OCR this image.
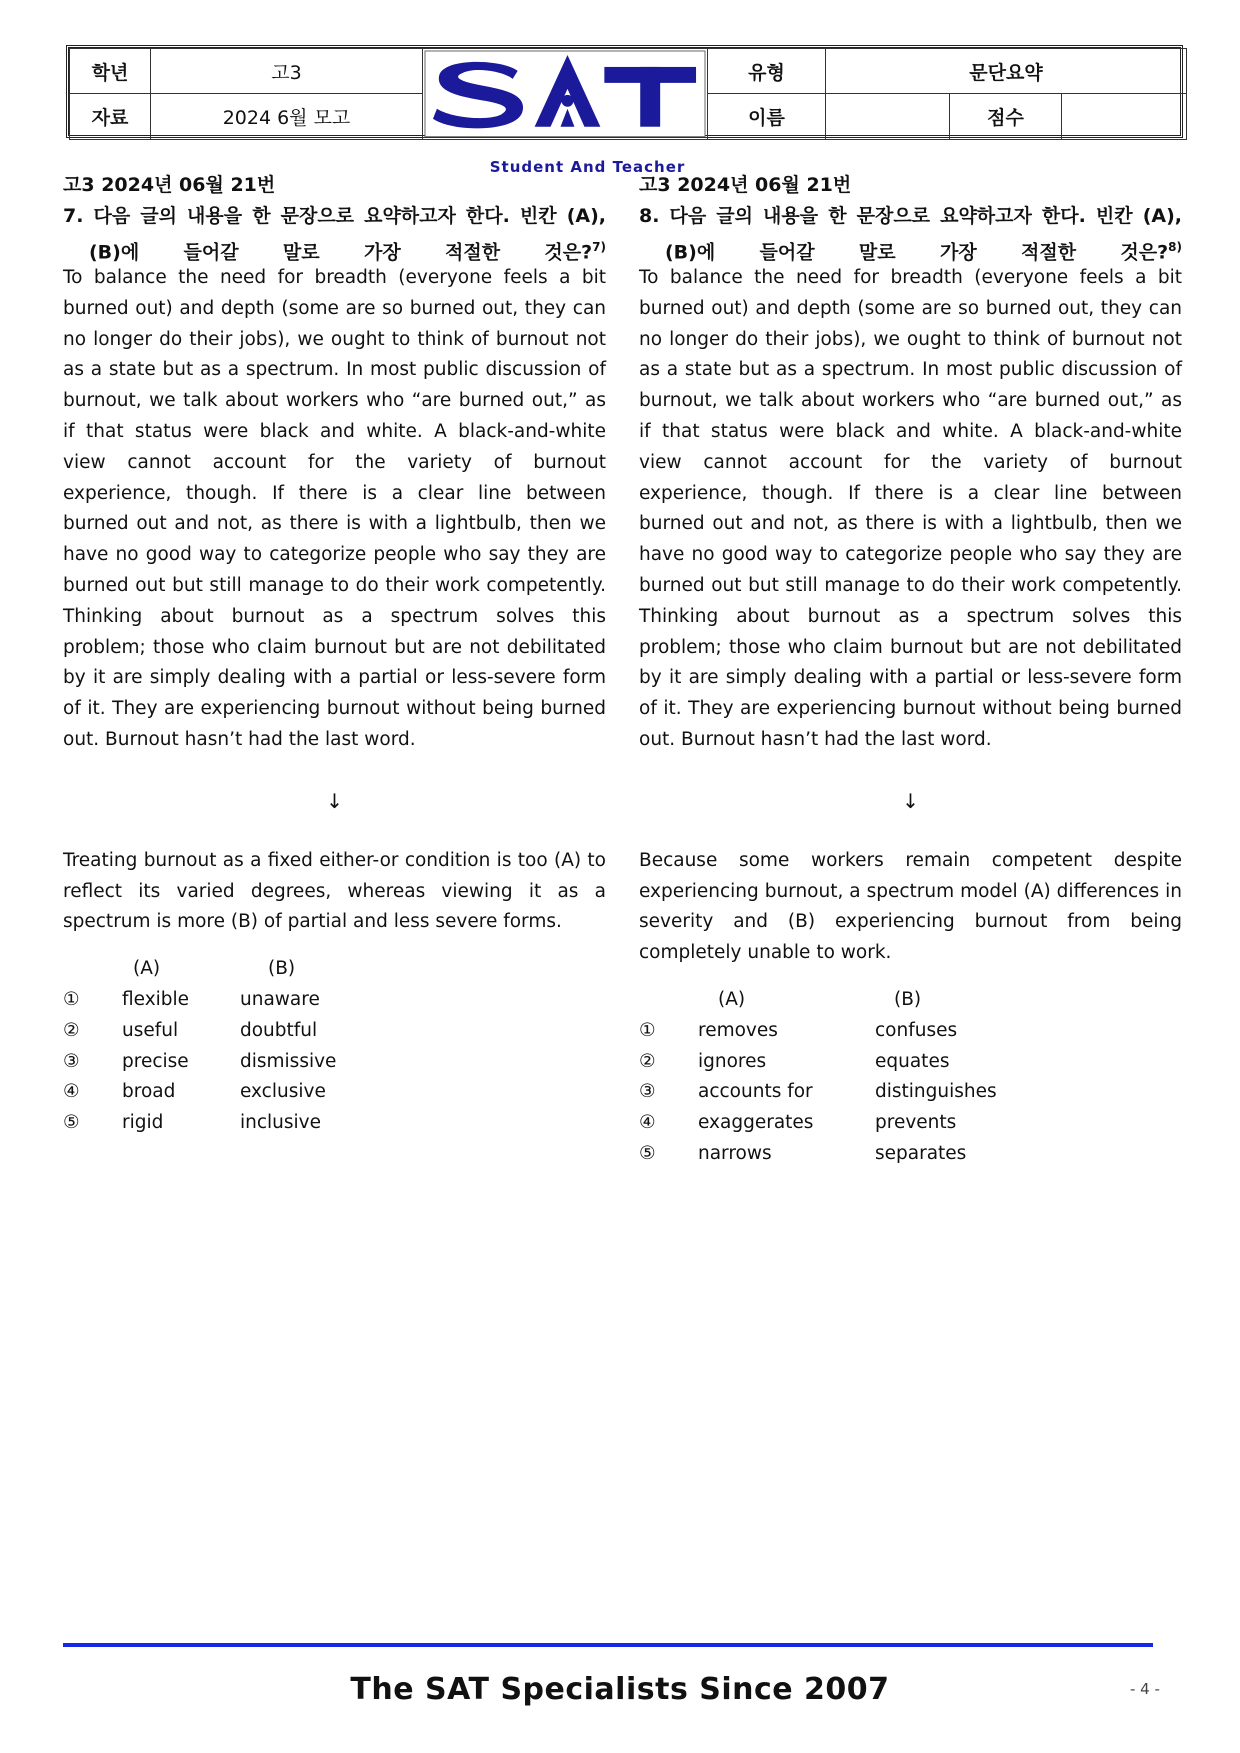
학년	고3	Student And Teacher	유형	문단요약		
자료	2024 6월 모고		이름		점수	
고3 2024년 06월 21번
7. 다음 글의 내용을 한 문장으로 요약하고자 한다. 빈칸 (A),
(B)에 들어갈 말로 가장 적절한 것은?$^{7)}$
To balance the need for breadth (everyone feels a bit burned out) and depth (some are so burned out, they can no longer do their jobs), we ought to think of burnout not as a state but as a spectrum. In most public discussion of burnout, we talk about workers who “are burned out,” as if that status were black and white. A black-and-white view cannot account for the variety of burnout experience, though. If there is a clear line between burned out and not, as there is with a lightbulb, then we have no good way to categorize people who say they are burned out but still manage to do their work competently. Thinking about burnout as a spectrum solves this problem; those who claim burnout but are not debilitated by it are simply dealing with a partial or less-severe form of it. They are experiencing burnout without being burned out. Burnout hasn’t had the last word.
↓
Treating burnout as a fixed either-or condition is too (A) to reflect its varied degrees, whereas viewing it as a spectrum is more (B) of partial and less severe forms.
(A)	(B)
①	flexible	unaware
②	useful	doubtful
③	precise	dismissive
④	broad	exclusive
⑤	rigid	inclusive
고3 2024년 06월 21번
8. 다음 글의 내용을 한 문장으로 요약하고자 한다. 빈칸 (A),
(B)에 들어갈 말로 가장 적절한 것은?$^{8)}$
To balance the need for breadth (everyone feels a bit burned out) and depth (some are so burned out, they can no longer do their jobs), we ought to think of burnout not as a state but as a spectrum. In most public discussion of burnout, we talk about workers who “are burned out,” as if that status were black and white. A black-and-white view cannot account for the variety of burnout experience, though. If there is a clear line between burned out and not, as there is with a lightbulb, then we have no good way to categorize people who say they are burned out but still manage to do their work competently. Thinking about burnout as a spectrum solves this problem; those who claim burnout but are not debilitated by it are simply dealing with a partial or less-severe form of it. They are experiencing burnout without being burned out. Burnout hasn’t had the last word.
↓
Because some workers remain competent despite experiencing burnout, a spectrum model (A) differences in severity and (B) experiencing burnout from being completely unable to work.
(A)	(B)
①	removes	confuses
②	ignores	equates
③	accounts for	distinguishes
④	exaggerates	prevents
⑤	narrows	separates
The SAT Specialists Since 2007	- 4 -
